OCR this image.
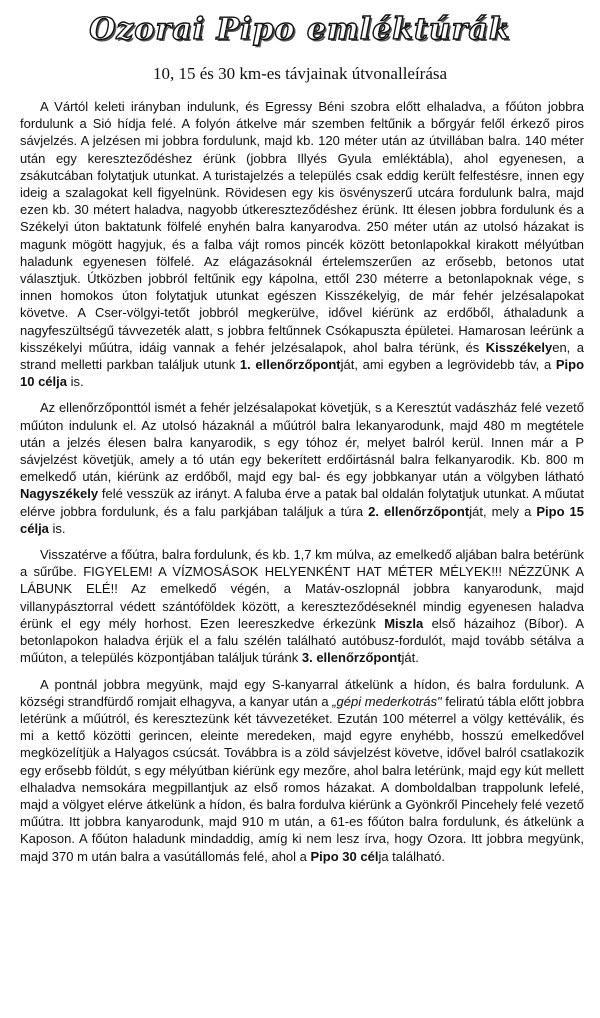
Ozorai Pipo emléktúrák
10, 15 és 30 km-es távjainak útvonalleírása

A Vártól keleti irányban indulunk, és Egressy Béni szobra előtt elhaladva, a főúton jobbra fordulunk a Sió hídja felé. A folyón átkelve már szemben feltűnik a bőrgyár felől érkező piros sávjelzés. A jelzésen mi jobbra fordulunk, majd kb. 120 méter után az útvillában balra. 140 méter után egy kereszteződéshez érünk (jobbra Illyés Gyula emléktábla), ahol egyenesen, a zsákutcában folytatjuk utunkat. A turistajelzés a település csak eddig került felfestésre, innen egy ideig a szalagokat kell figyelnünk. Rövidesen egy kis ösvényszerű utcára fordulunk balra, majd ezen kb. 30 métert haladva, nagyobb útkereszteződéshez érünk. Itt élesen jobbra fordulunk és a Székelyi úton baktatunk fölfelé enyhén balra kanyarodva. 250 méter után az utolsó házakat is magunk mögött hagyjuk, és a falba vájt romos pincék között betonlapokkal kirakott mélyútban haladunk egyenesen fölfelé. Az elágazásoknál értelemszerűen az erősebb, betonos utat választjuk. Útközben jobbról feltűnik egy kápolna, ettől 230 méterre a betonlapoknak vége, s innen homokos úton folytatjuk utunkat egészen Kisszékelyig, de már fehér jelzésalapokat követve. A Cser-völgyi-tetőt jobbról megkerülve, idővel kiérünk az erdőből, áthaladunk a nagyfeszültségű távvezeték alatt, s jobbra feltűnnek Csókapuszta épületei. Hamarosan leérünk a kisszékelyi műútra, idáig vannak a fehér jelzésalapok, ahol balra térünk, és Kisszékelyen, a strand melletti parkban találjuk utunk 1. ellenőrzőpontját, ami egyben a legrövidebb táv, a Pipo 10 célja is.

Az ellenőrzőponttól ismét a fehér jelzésalapokat követjük, s a Keresztút vadászház felé vezető műúton indulunk el. Az utolsó házaknál a műútról balra lekanyarodunk, majd 480 m megtétele után a jelzés élesen balra kanyarodik, s egy tóhoz ér, melyet balról kerül. Innen már a P sávjelzést követjük, amely a tó után egy bekerített erdőirtásnál balra felkanyarodik. Kb. 800 m emelkedő után, kiérünk az erdőből, majd egy bal- és egy jobbkanyar után a völgyben látható Nagyszékely felé vesszük az irányt. A faluba érve a patak bal oldalán folytatjuk utunkat. A műutat elérve jobbra fordulunk, és a falu parkjában találjuk a túra 2. ellenőrzőpontját, mely a Pipo 15 célja is.

Visszatérve a főútra, balra fordulunk, és kb. 1,7 km múlva, az emelkedő aljában balra betérünk a sűrűbe. FIGYELEM! A VÍZMOSÁSOK HELYENKÉNT HAT MÉTER MÉLYEK!!! NÉZZÜNK A LÁBUNK ELÉ!! Az emelkedő végén, a Matáv-oszlopnál jobbra kanyarodunk, majd villanypásztorral védett szántóföldek között, a kereszteződéseknél mindig egyenesen haladva érünk el egy mély horhost. Ezen leereszkedve érkezünk Miszla első házaihoz (Bíbor). A betonlapokon haladva érjük el a falu szélén található autóbusz-fordulót, majd tovább sétálva a műúton, a település központjában találjuk túránk 3. ellenőrzőpontját.

A pontnál jobbra megyünk, majd egy S-kanyarral átkelünk a hídon, és balra fordulunk. A községi strandfürdő romjait elhagyva, a kanyar után a „gépi mederkotrás" feliratú tábla előtt jobbra letérünk a műútról, és keresztezünk két távvezetéket. Ezután 100 méterrel a völgy kettéválik, és mi a kettő közötti gerincen, eleinte meredeken, majd egyre enyhébb, hosszú emelkedővel megközelítjük a Halyagos csúcsát. Továbbra is a zöld sávjelzést követve, idővel balról csatlakozik egy erősebb földút, s egy mélyútban kiérünk egy mezőre, ahol balra letérünk, majd egy kút mellett elhaladva nemsokára megpillantjuk az első romos házakat. A domboldalban trappolunk lefelé, majd a völgyet elérve átkelünk a hídon, és balra fordulva kiérünk a Gyönkről Pincehely felé vezető műútra. Itt jobbra kanyarodunk, majd 910 m után, a 61-es főúton balra fordulunk, és átkelünk a Kaposon. A főúton haladunk mindaddig, amíg ki nem lesz írva, hogy Ozora. Itt jobbra megyünk, majd 370 m után balra a vasútállomás felé, ahol a Pipo 30 célja található.
